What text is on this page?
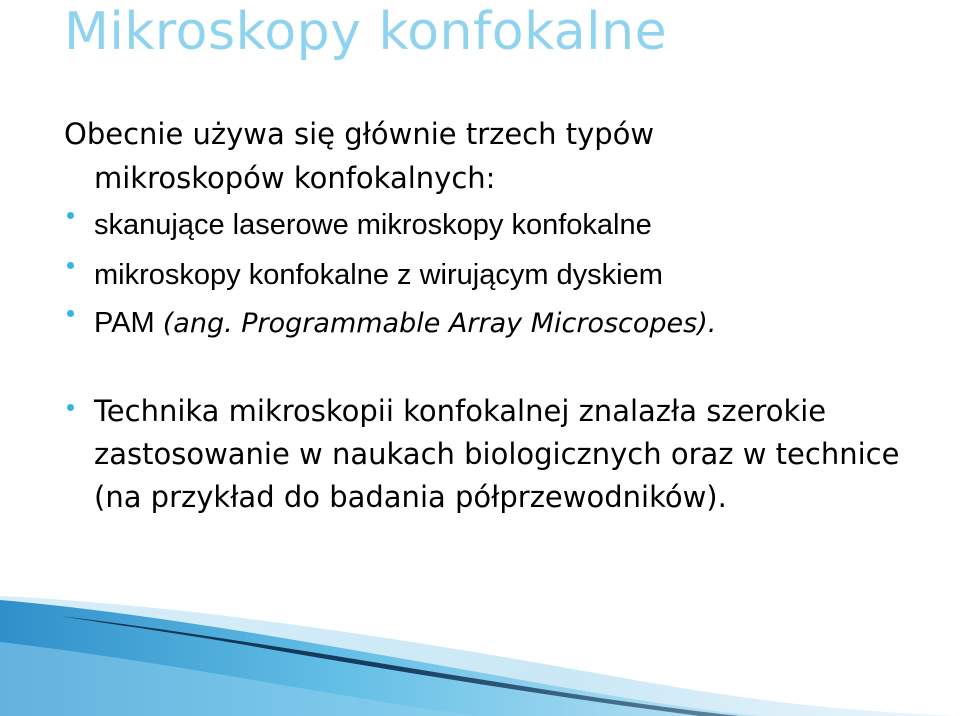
Mikroskopy konfokalne
Obecnie używa się głównie trzech typów
mikroskopów konfokalnych:
skanujące laserowe mikroskopy konfokalne
mikroskopy konfokalne z wirującym dyskiem
PAM (ang. Programmable Array Microscopes).
Technika mikroskopii konfokalnej znalazła szerokie zastosowanie w naukach biologicznych oraz w technice (na przykład do badania półprzewodników).
